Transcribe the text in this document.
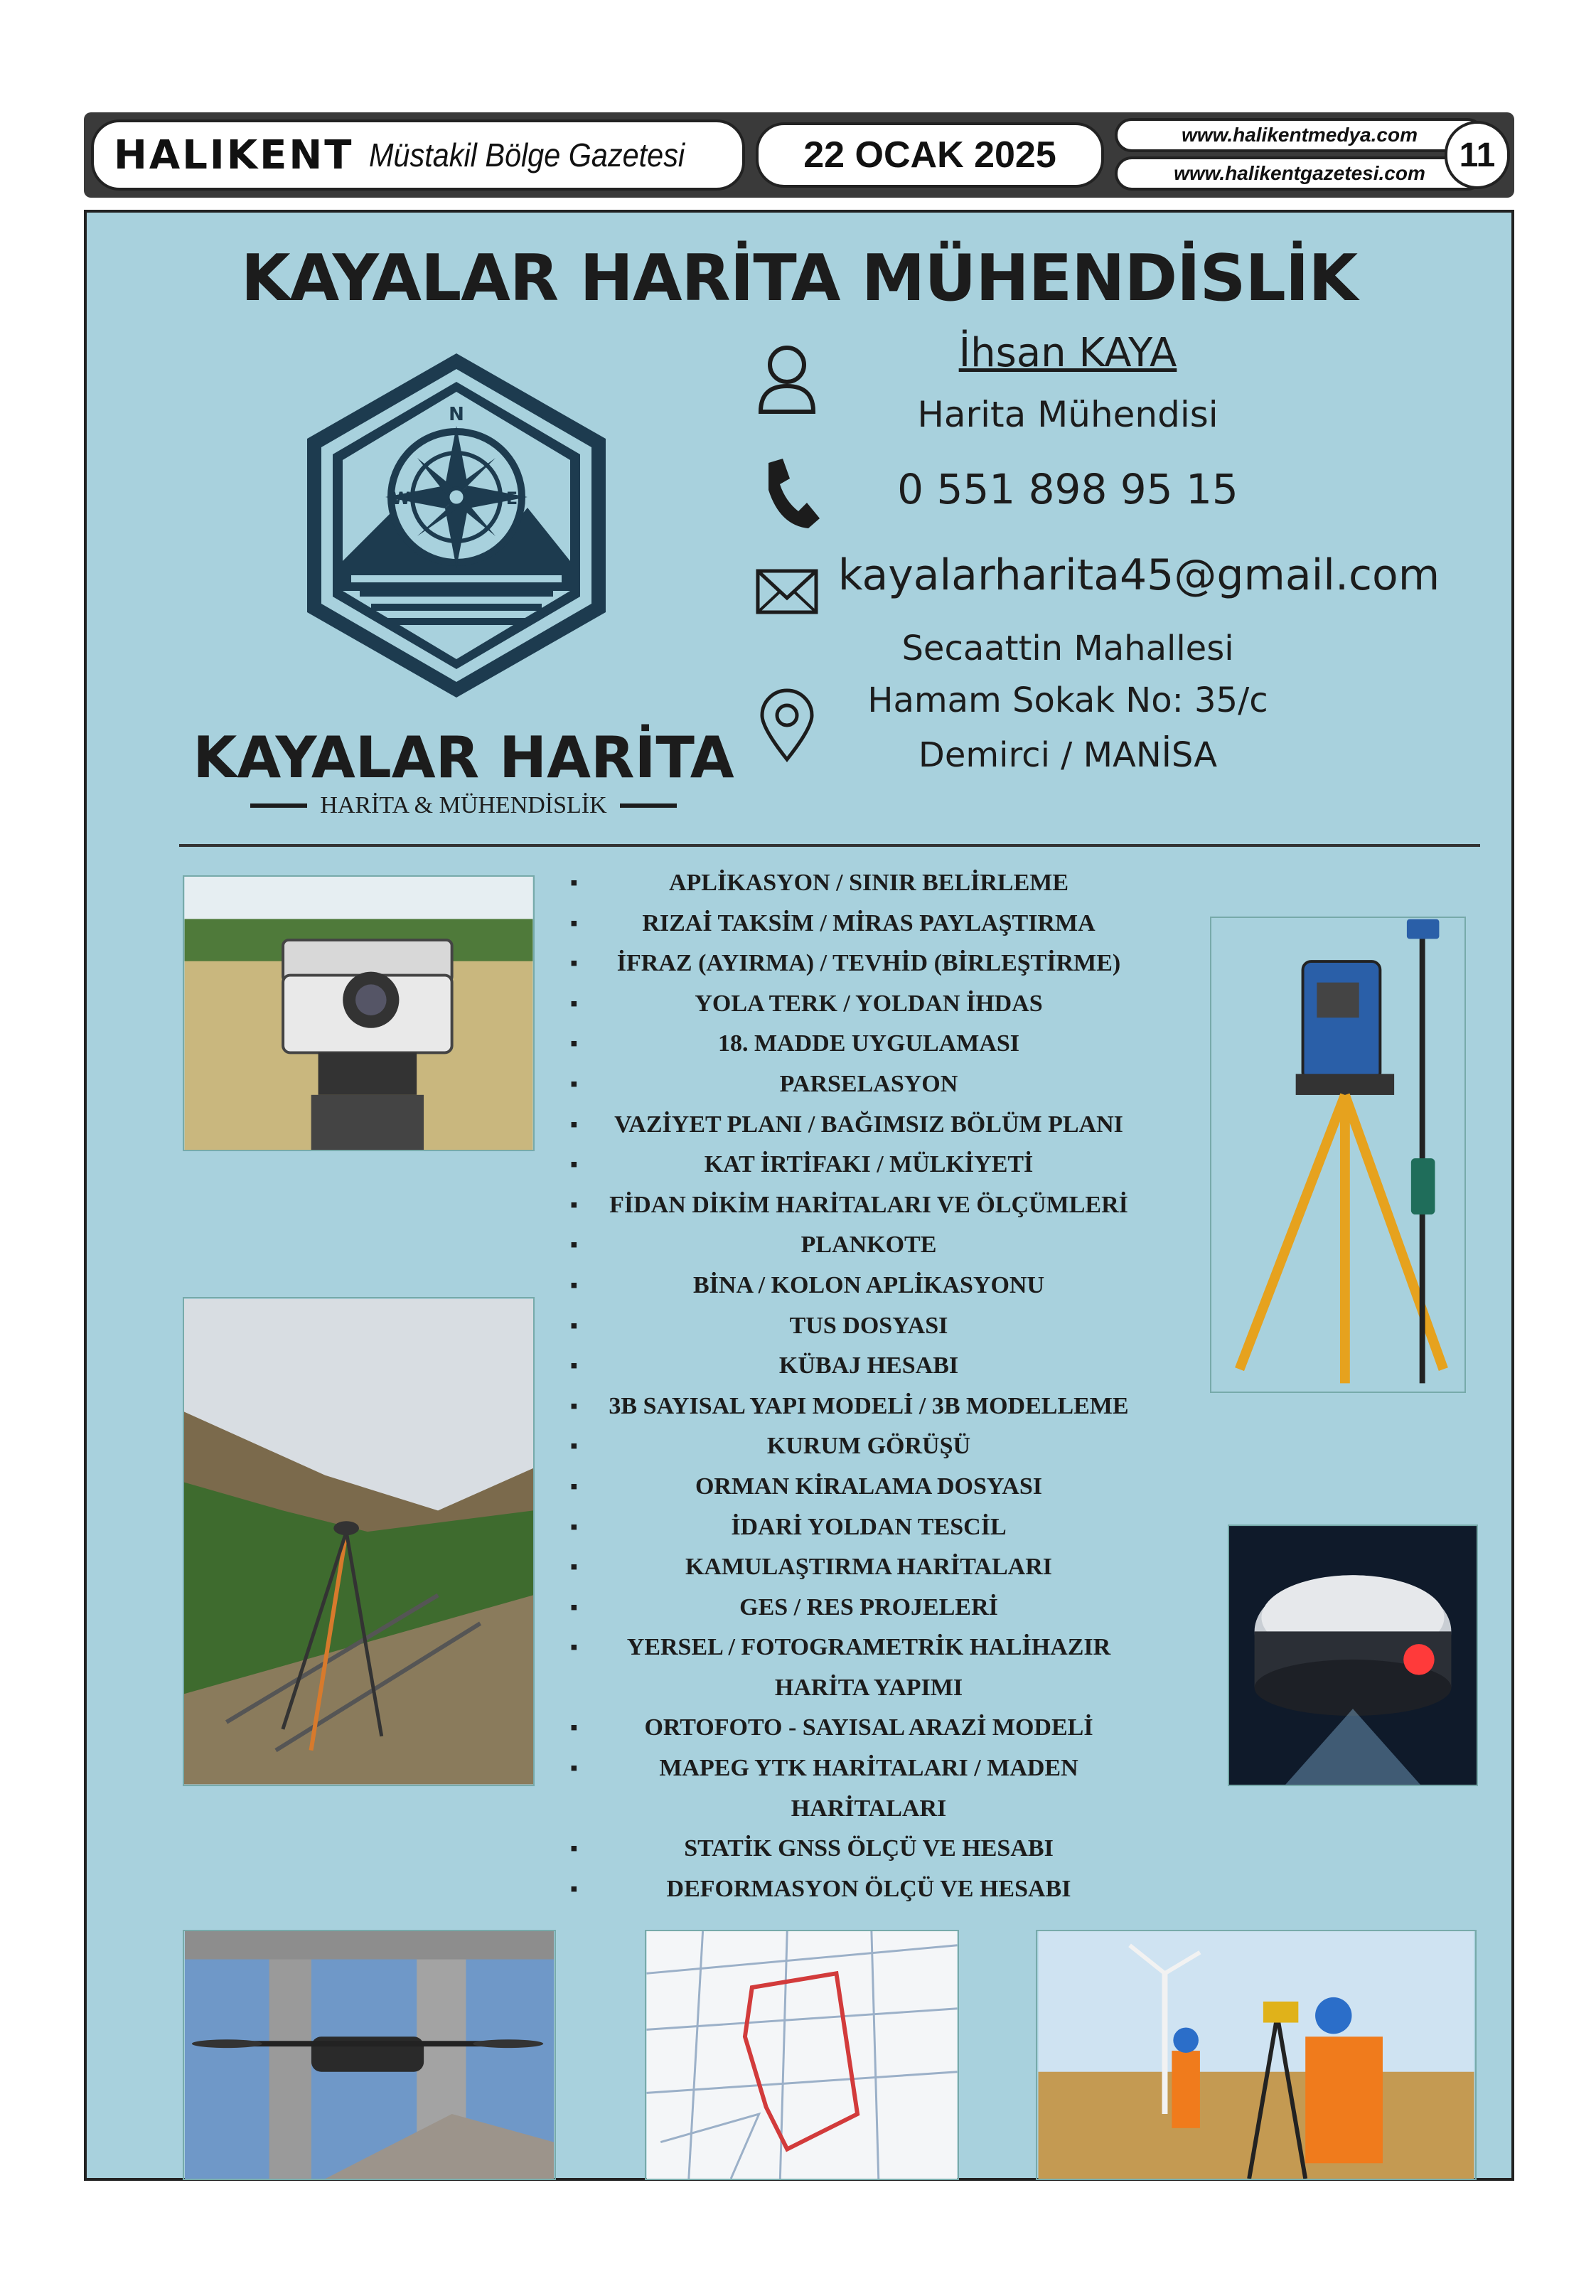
HALIKENT Müstakil Bölge Gazetesi	22 OCAK 2025	www.halikentmedya.com
www.halikentgazetesi.com 11
KAYALAR HARİTA MÜHENDİSLİK
N
W	E
KAYALAR HARİTA
HARİTA & MÜHENDİSLİK
İhsan KAYA
Harita Mühendisi
0 551 898 95 15
kayalarharita45@gmail.com
Secaattin Mahallesi
Hamam Sokak No: 35/c
Demirci / MANİSA
▪	APLİKASYON / SINIR BELİRLEME
▪	RIZAİ TAKSİM / MİRAS PAYLAŞTIRMA
▪ İFRAZ (AYIRMA) / TEVHİD (BİRLEŞTİRME)
▪	YOLA TERK / YOLDAN İHDAS
▪	18. MADDE UYGULAMASI
▪	PARSELASYON
▪ VAZİYET PLANI / BAĞIMSIZ BÖLÜM PLANI
▪	KAT İRTİFAKI / MÜLKİYETİ
▪ FİDAN DİKİM HARİTALARI VE ÖLÇÜMLERİ
▪	PLANKOTE
▪	BİNA / KOLON APLİKASYONU
▪	TUS DOSYASI
▪	KÜBAJ HESABI
▪ 3B SAYISAL YAPI MODELİ / 3B MODELLEME
▪	KURUM GÖRÜŞÜ
▪	ORMAN KİRALAMA DOSYASI
▪	İDARİ YOLDAN TESCİL
▪	KAMULAŞTIRMA HARİTALARI
▪	GES / RES PROJELERİ
▪ YERSEL / FOTOGRAMETRİK HALİHAZIR
HARİTA YAPIMI
▪	ORTOFOTO - SAYISAL ARAZİ MODELİ
▪	MAPEG YTK HARİTALARI / MADEN
HARİTALARI
▪	STATİK GNSS ÖLÇÜ VE HESABI
▪	DEFORMASYON ÖLÇÜ VE HESABI
